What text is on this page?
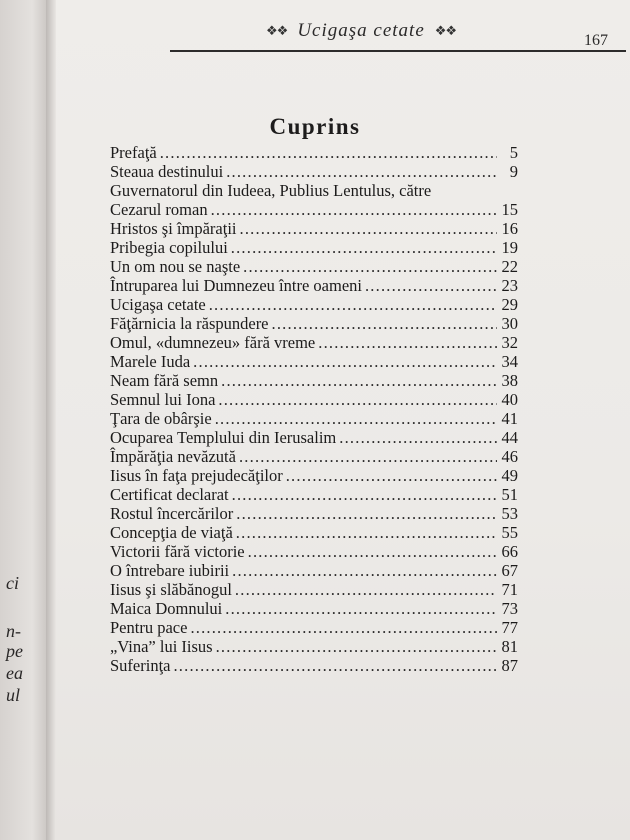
ci
n-
pe
ea
ul
❖❖ Ucigaşa cetate ❖❖
167
Cuprins
Prefaţă .....	5
Steaua destinului .....	9
Guvernatorul din Iudeea, Publius Lentulus, către
Cezarul roman .....	15
Hristos şi împăraţii .....	16
Pribegia copilului .....	19
Un om nou se naşte .....	22
Întruparea lui Dumnezeu între oameni .....	23
Ucigaşa cetate .....	29
Făţărnicia la răspundere .....	30
Omul, «dumnezeu» fără vreme .....	32
Marele Iuda .....	34
Neam fără semn .....	38
Semnul lui Iona .....	40
Ţara de obârşie .....	41
Ocuparea Templului din Ierusalim .....	44
Împărăţia nevăzută .....	46
Iisus în faţa prejudecăţilor .....	49
Certificat declarat .....	51
Rostul încercărilor .....	53
Concepţia de viaţă .....	55
Victorii fără victorie .....	66
O întrebare iubirii .....	67
Iisus şi slăbănogul .....	71
Maica Domnului .....	73
Pentru pace .....	77
„Vina” lui Iisus .....	81
Suferinţa .....	87
